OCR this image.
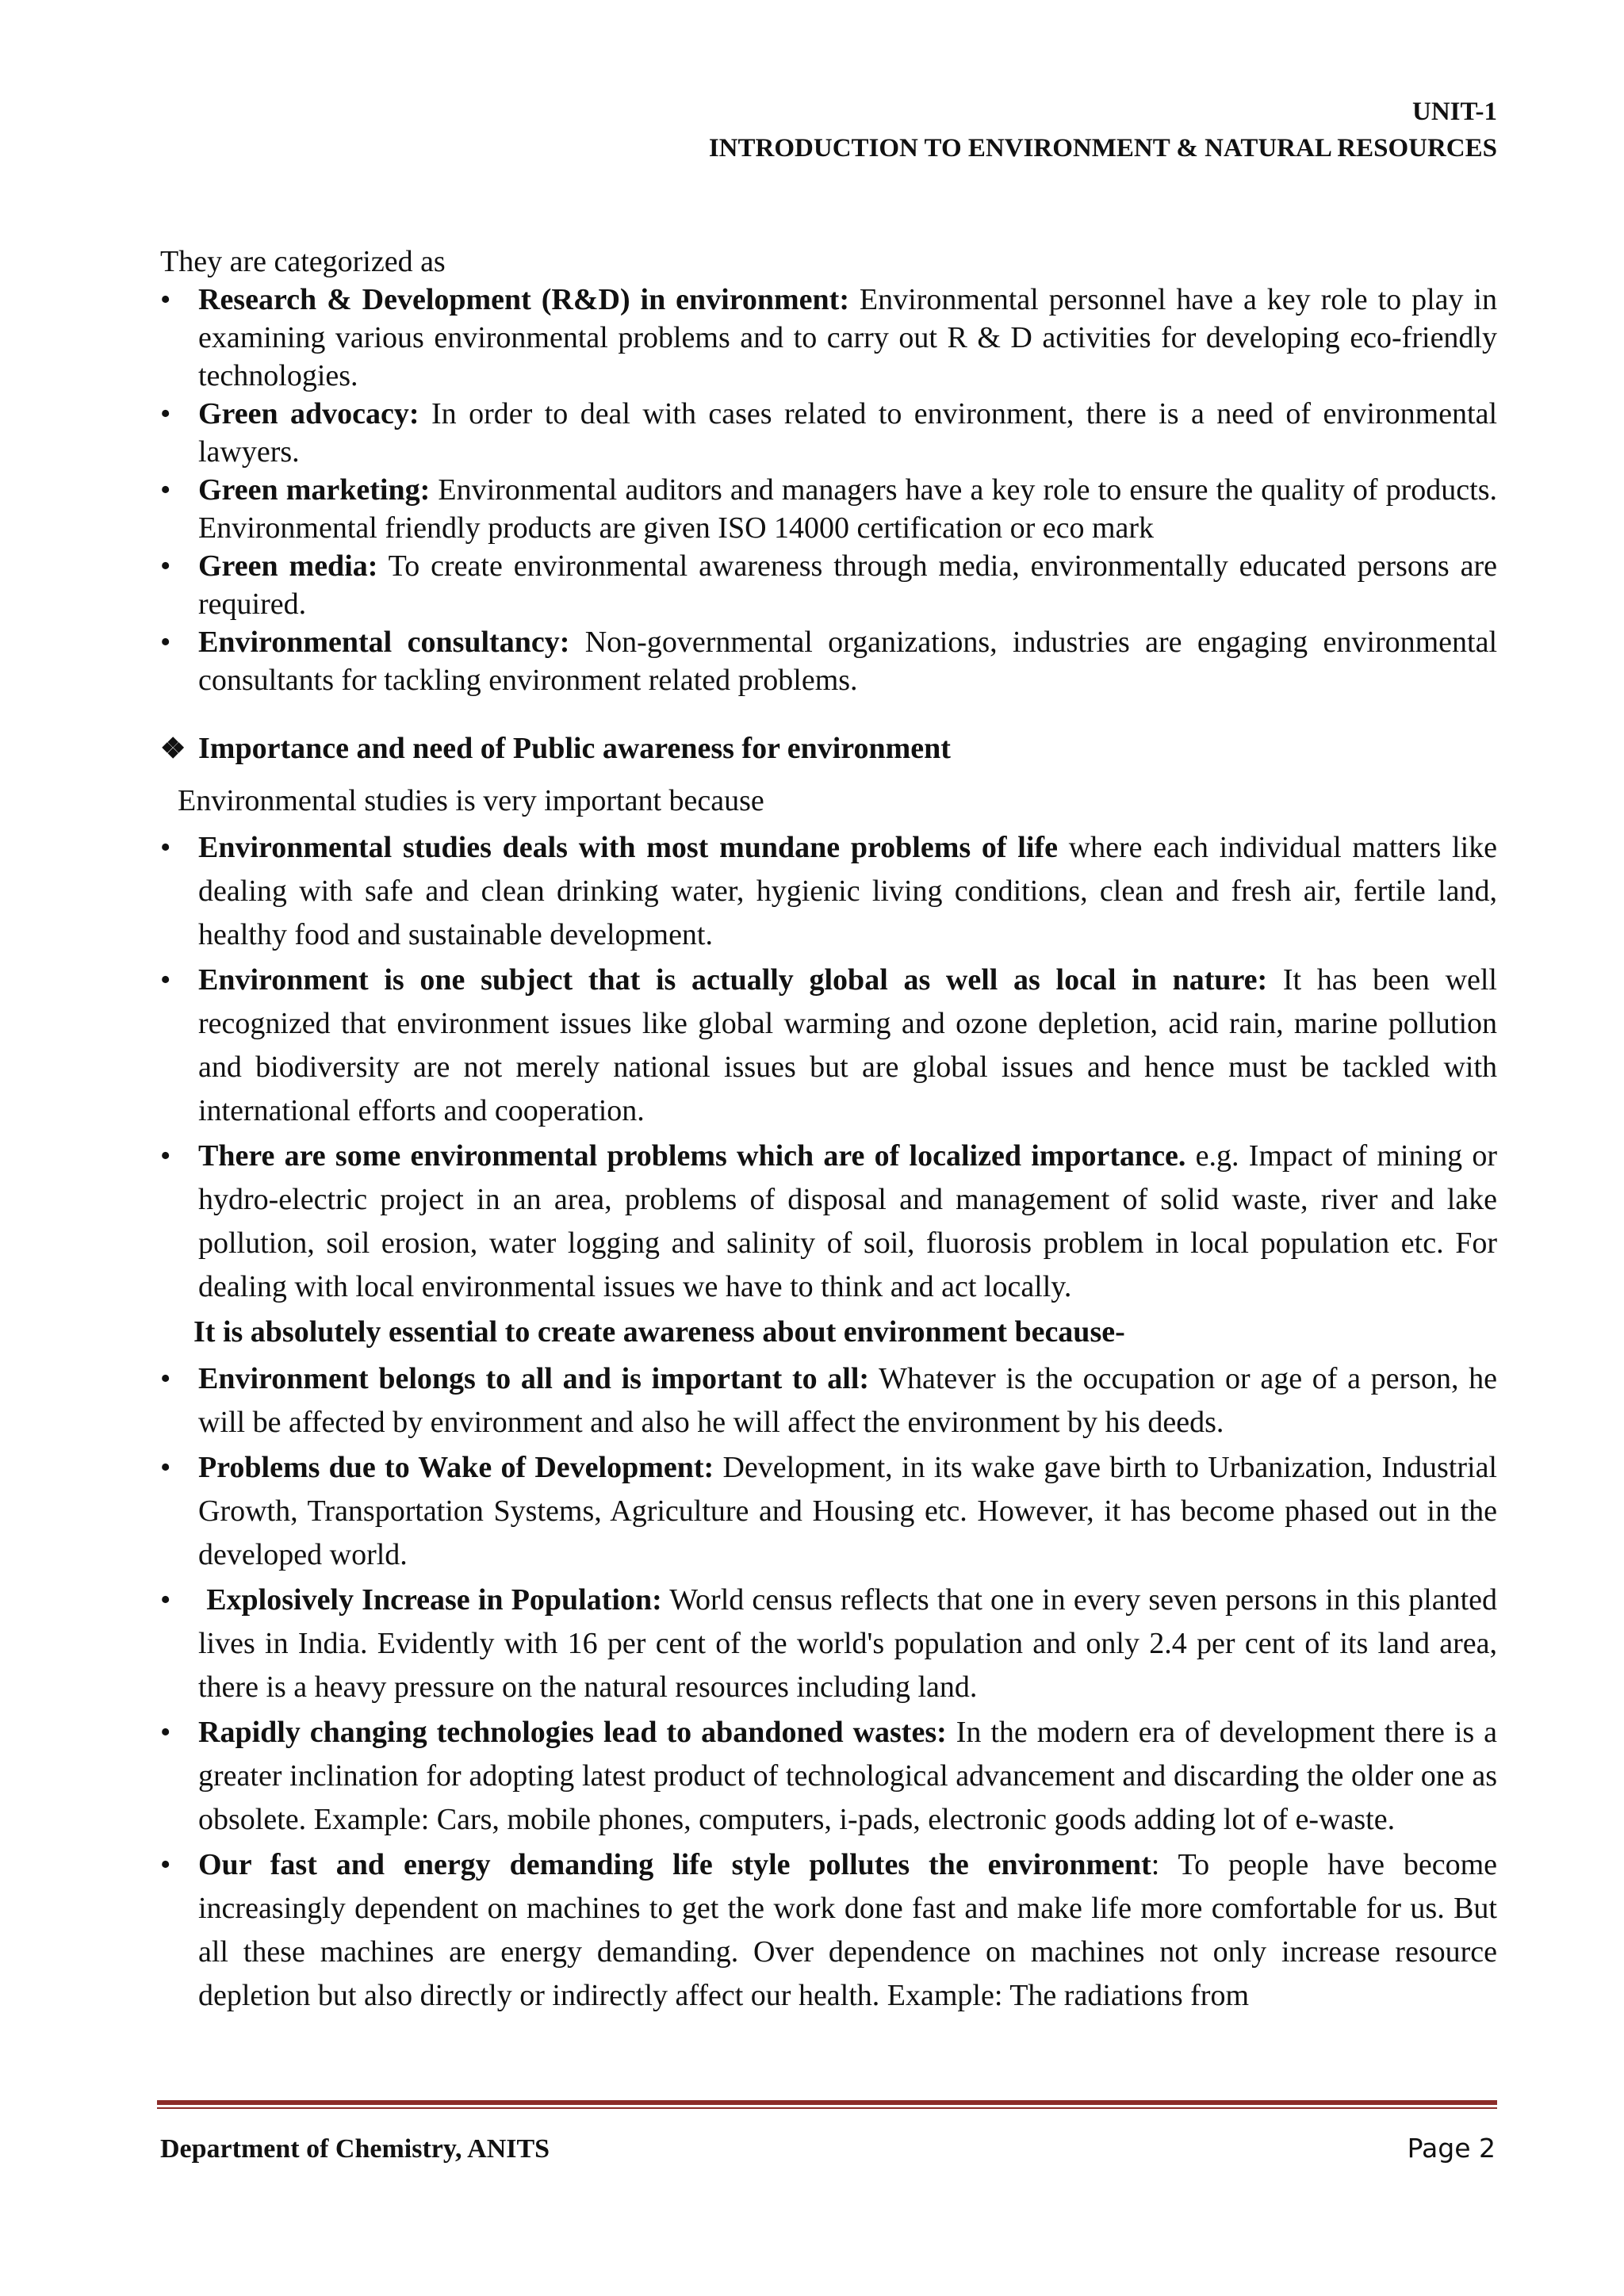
UNIT-1
INTRODUCTION TO ENVIRONMENT & NATURAL RESOURCES

They are categorized as

• Research & Development (R&D) in environment: Environmental personnel have a key role to play in examining various environmental problems and to carry out R & D activities for developing eco-friendly technologies.
• Green advocacy: In order to deal with cases related to environment, there is a need of environmental lawyers.
• Green marketing: Environmental auditors and managers have a key role to ensure the quality of products. Environmental friendly products are given ISO 14000 certification or eco mark
• Green media: To create environmental awareness through media, environmentally educated persons are required.
• Environmental consultancy: Non-governmental organizations, industries are engaging environmental consultants for tackling environment related problems.
❖ Importance and need of Public awareness for environment

Environmental studies is very important because

• Environmental studies deals with most mundane problems of life where each individual matters like dealing with safe and clean drinking water, hygienic living conditions, clean and fresh air, fertile land, healthy food and sustainable development.
• Environment is one subject that is actually global as well as local in nature: It has been well recognized that environment issues like global warming and ozone depletion, acid rain, marine pollution and biodiversity are not merely national issues but are global issues and hence must be tackled with international efforts and cooperation.
• There are some environmental problems which are of localized importance. e.g. Impact of mining or hydro-electric project in an area, problems of disposal and management of solid waste, river and lake pollution, soil erosion, water logging and salinity of soil, fluorosis problem in local population etc. For dealing with local environmental issues we have to think and act locally.
It is absolutely essential to create awareness about environment because-
• Environment belongs to all and is important to all: Whatever is the occupation or age of a person, he will be affected by environment and also he will affect the environment by his deeds.
• Problems due to Wake of Development: Development, in its wake gave birth to Urbanization, Industrial Growth, Transportation Systems, Agriculture and Housing etc. However, it has become phased out in the developed world.
•	Explosively Increase in Population: World census reflects that one in every seven persons in this planted lives in India. Evidently with 16 per cent of the world's population and only 2.4 per cent of its land area, there is a heavy pressure on the natural resources including land.
• Rapidly changing technologies lead to abandoned wastes: In the modern era of development there is a greater inclination for adopting latest product of technological advancement and discarding the older one as obsolete. Example: Cars, mobile phones, computers, i-pads, electronic goods adding lot of e-waste.
• Our fast and energy demanding life style pollutes the environment: To people have become increasingly dependent on machines to get the work done fast and make life more comfortable for us. But all these machines are energy demanding. Over dependence on machines not only increase resource depletion but also directly or indirectly affect our health. Example: The radiations from
Department of Chemistry, ANITS	Page 2
